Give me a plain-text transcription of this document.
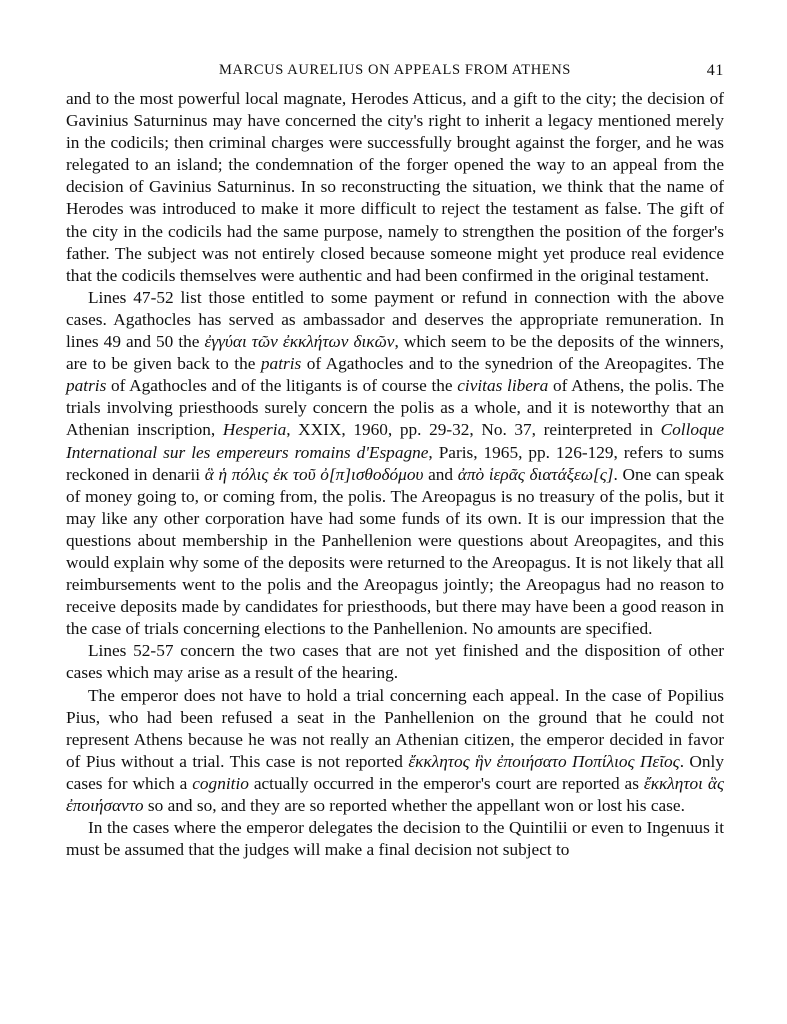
MARCUS AURELIUS ON APPEALS FROM ATHENS	41

and to the most powerful local magnate, Herodes Atticus, and a gift to the city; the decision of Gavinius Saturninus may have concerned the city's right to inherit a legacy mentioned merely in the codicils; then criminal charges were successfully brought against the forger, and he was relegated to an island; the condemnation of the forger opened the way to an appeal from the decision of Gavinius Saturninus. In so reconstructing the situation, we think that the name of Herodes was introduced to make it more difficult to reject the testament as false. The gift of the city in the codicils had the same purpose, namely to strengthen the position of the forger's father. The subject was not entirely closed because someone might yet produce real evidence that the codicils themselves were authentic and had been confirmed in the original testament.

Lines 47-52 list those entitled to some payment or refund in connection with the above cases. Agathocles has served as ambassador and deserves the appropriate remuneration. In lines 49 and 50 the ἐγγύαι τῶν ἐκκλήτων δικῶν, which seem to be the deposits of the winners, are to be given back to the patris of Agathocles and to the synedrion of the Areopagites. The patris of Agathocles and of the litigants is of course the civitas libera of Athens, the polis. The trials involving priesthoods surely concern the polis as a whole, and it is noteworthy that an Athenian inscription, Hesperia, XXIX, 1960, pp. 29-32, No. 37, reinterpreted in Colloque International sur les empereurs romains d'Espagne, Paris, 1965, pp. 126-129, refers to sums reckoned in denarii ἃ ἡ πόλις ἐκ τοῦ ὀ[π]ισθοδόμου and ἀπὸ ἱερᾶς διατάξεω[ς]. One can speak of money going to, or coming from, the polis. The Areopagus is no treasury of the polis, but it may like any other corporation have had some funds of its own. It is our impression that the questions about membership in the Panhellenion were questions about Areopagites, and this would explain why some of the deposits were returned to the Areopagus. It is not likely that all reimbursements went to the polis and the Areopagus jointly; the Areopagus had no reason to receive deposits made by candidates for priesthoods, but there may have been a good reason in the case of trials concerning elections to the Panhellenion. No amounts are specified.

Lines 52-57 concern the two cases that are not yet finished and the disposition of other cases which may arise as a result of the hearing.

The emperor does not have to hold a trial concerning each appeal. In the case of Popilius Pius, who had been refused a seat in the Panhellenion on the ground that he could not represent Athens because he was not really an Athenian citizen, the emperor decided in favor of Pius without a trial. This case is not reported ἔκκλητος ἣν ἐποιήσατο Ποπίλιος Πεῖος. Only cases for which a cognitio actually occurred in the emperor's court are reported as ἔκκλητοι ἃς ἐποιήσαντο so and so, and they are so reported whether the appellant won or lost his case.

In the cases where the emperor delegates the decision to the Quintilii or even to Ingenuus it must be assumed that the judges will make a final decision not subject to
